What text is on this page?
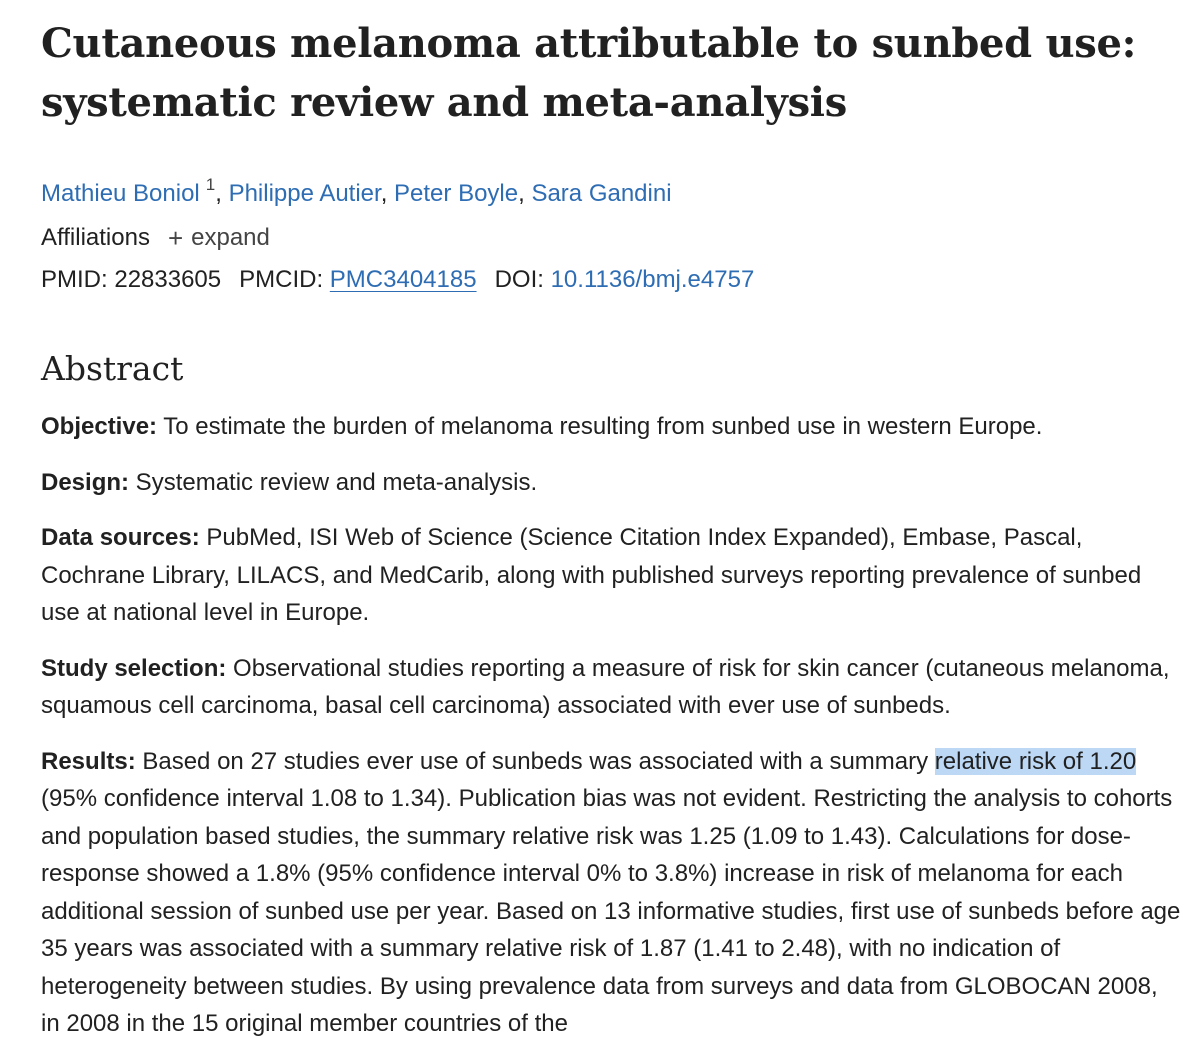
Cutaneous melanoma attributable to sunbed use:
systematic review and meta-analysis
Mathieu Boniol $^1$, Philippe Autier, Peter Boyle, Sara Gandini
Affiliations + expand
PMID: 22833605 PMCID: PMC3404185 DOI: 10.1136/bmj.e4757
Abstract

Objective: To estimate the burden of melanoma resulting from sunbed use in western Europe.

Design: Systematic review and meta-analysis.

Data sources: PubMed, ISI Web of Science (Science Citation Index Expanded), Embase, Pascal, Cochrane Library, LILACS, and MedCarib, along with published surveys reporting prevalence of sunbed use at national level in Europe.

Study selection: Observational studies reporting a measure of risk for skin cancer (cutaneous melanoma, squamous cell carcinoma, basal cell carcinoma) associated with ever use of sunbeds.

Results: Based on 27 studies ever use of sunbeds was associated with a summary relative risk of 1.20 (95% confidence interval 1.08 to 1.34). Publication bias was not evident. Restricting the analysis to cohorts and population based studies, the summary relative risk was 1.25 (1.09 to 1.43). Calculations for dose-response showed a 1.8% (95% confidence interval 0% to 3.8%) increase in risk of melanoma for each additional session of sunbed use per year. Based on 13 informative studies, first use of sunbeds before age 35 years was associated with a summary relative risk of 1.87 (1.41 to 2.48), with no indication of heterogeneity between studies. By using prevalence data from surveys and data from GLOBOCAN 2008, in 2008 in the 15 original member countries of the
